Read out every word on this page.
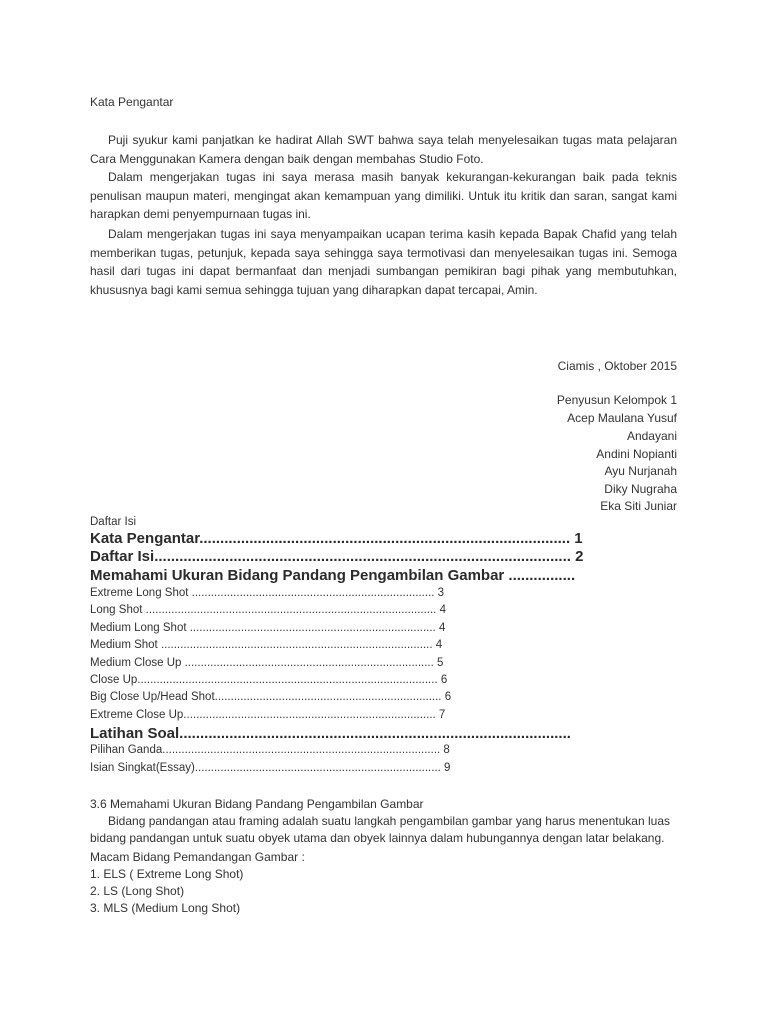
Kata Pengantar

Puji syukur kami panjatkan ke hadirat Allah SWT bahwa saya telah menyelesaikan tugas mata pelajaran Cara Menggunakan Kamera dengan baik dengan membahas Studio Foto.

Dalam mengerjakan tugas ini saya merasa masih banyak kekurangan-kekurangan baik pada teknis penulisan maupun materi, mengingat akan kemampuan yang dimiliki. Untuk itu kritik dan saran, sangat kami harapkan demi penyempurnaan tugas ini.

Dalam mengerjakan tugas ini saya menyampaikan ucapan terima kasih kepada Bapak Chafid yang telah memberikan tugas, petunjuk, kepada saya sehingga saya termotivasi dan menyelesaikan tugas ini. Semoga hasil dari tugas ini dapat bermanfaat dan menjadi sumbangan pemikiran bagi pihak yang membutuhkan, khususnya bagi kami semua sehingga tujuan yang diharapkan dapat tercapai, Amin.

Ciamis , Oktober 2015
Penyusun Kelompok 1
Acep Maulana Yusuf
Andayani
Andini Nopianti
Ayu Nurjanah
Diky Nugraha
Eka Siti Juniar
Daftar Isi
Kata Pengantar......................................................................................... 1
Daftar Isi.................................................................................................... 2
Memahami Ukuran Bidang Pandang Pengambilan Gambar ................
Extreme Long Shot ............................................................................ 3
Long Shot ........................................................................................... 4
Medium Long Shot ............................................................................. 4
Medium Shot ..................................................................................... 4
Medium Close Up .............................................................................. 5
Close Up.............................................................................................. 6
Big Close Up/Head Shot....................................................................... 6
Extreme Close Up............................................................................... 7
Latihan Soal..............................................................................................
Pilihan Ganda....................................................................................... 8
Isian Singkat(Essay)............................................................................. 9
3.6 Memahami Ukuran Bidang Pandang Pengambilan Gambar

Bidang pandangan atau framing adalah suatu langkah pengambilan gambar yang harus menentukan luas bidang pandangan untuk suatu obyek utama dan obyek lainnya dalam hubungannya dengan latar belakang.

Macam Bidang Pemandangan Gambar :
1. ELS ( Extreme Long Shot)
2. LS (Long Shot)
3. MLS (Medium Long Shot)
